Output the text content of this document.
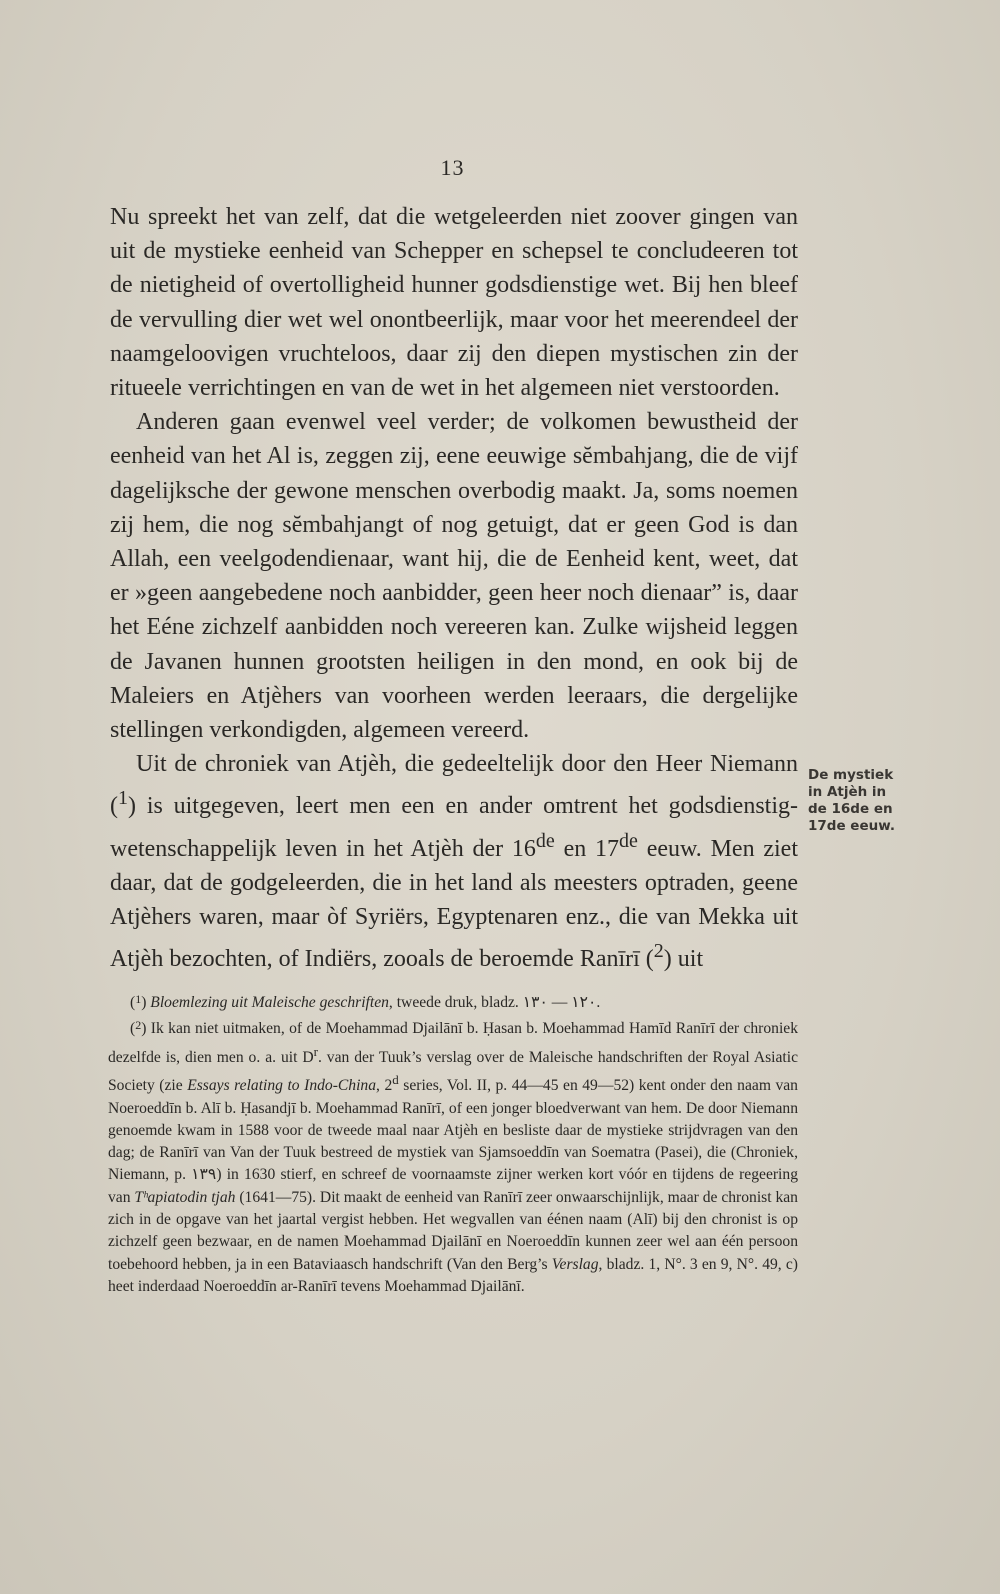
13

Nu spreekt het van zelf, dat die wetgeleerden niet zoover gingen van uit de mystieke eenheid van Schepper en schepsel te concludeeren tot de nietigheid of overtolligheid hunner godsdienstige wet. Bij hen bleef de vervulling dier wet wel onontbeerlijk, maar voor het meerendeel der naamgeloovigen vruchteloos, daar zij den diepen mystischen zin der ritueele verrichtingen en van de wet in het algemeen niet verstoorden.

Anderen gaan evenwel veel verder; de volkomen bewustheid der eenheid van het Al is, zeggen zij, eene eeuwige sĕmbahjang, die de vijf dagelijksche der gewone menschen overbodig maakt. Ja, soms noemen zij hem, die nog sĕmbahjangt of nog getuigt, dat er geen God is dan Allah, een veelgodendienaar, want hij, die de Eenheid kent, weet, dat er »geen aangebedene noch aanbidder, geen heer noch dienaar” is, daar het Eéne zichzelf aanbidden noch vereeren kan. Zulke wijsheid leggen de Javanen hunnen grootsten heiligen in den mond, en ook bij de Maleiers en Atjèhers van voorheen werden leeraars, die dergelijke stellingen verkondigden, algemeen vereerd.

Uit de chroniek van Atjèh, die gedeeltelijk door den Heer Niemann ($^1$) is uitgegeven, leert men een en ander omtrent het godsdienstig-wetenschappelijk leven in het Atjèh der 16de en 17de eeuw. Men ziet daar, dat de godgeleerden, die in het land als meesters optraden, geene Atjèhers waren, maar òf Syriërs, Egyptenaren enz., die van Mekka uit Atjèh bezochten, of Indiërs, zooals de beroemde Ranīrī ($^2$) uit

De mystiek in Atjèh in de 16de en 17de eeuw.

($^1$) Bloemlezing uit Maleische geschriften, tweede druk, bladz. ١٢٠ — ١٣٠.

($^2$) Ik kan niet uitmaken, of de Moehammad Djailānī b. Ḥasan b. Moehammad Hamīd Ranīrī der chroniek dezelfde is, dien men o. a. uit $D^r$. van der Tuuk’s verslag over de Maleische handschriften der Royal Asiatic Society (zie Essays relating to Indo-China, 2$^d$ series, Vol. II, p. 44—45 en 49—52) kent onder den naam van Noeroeddīn b. Alī b. Ḥasandjī b. Moehammad Ranīrī, of een jonger bloedverwant van hem. De door Niemann genoemde kwam in 1588 voor de tweede maal naar Atjèh en besliste daar de mystieke strijdvragen van den dag; de Ranīrī van Van der Tuuk bestreed de mystiek van Sjamsoeddīn van Soematra (Pasei), die (Chroniek, Niemann, p. ١٣٩) in 1630 stierf, en schreef de voornaamste zijner werken kort vóór en tijdens de regeering van Tʰapiatodin tjah (1641—75). Dit maakt de eenheid van Ranīrī zeer onwaarschijnlijk, maar de chronist kan zich in de opgave van het jaartal vergist hebben. Het wegvallen van éénen naam (Alī) bij den chronist is op zichzelf geen bezwaar, en de namen Moehammad Djailānī en Noeroeddīn kunnen zeer wel aan één persoon toebehoord hebben, ja in een Bataviaasch handschrift (Van den Berg’s Verslag, bladz. 1, N°. 3 en 9, N°. 49, c) heet inderdaad Noeroeddīn ar-Ranīrī tevens Moehammad Djailānī.
